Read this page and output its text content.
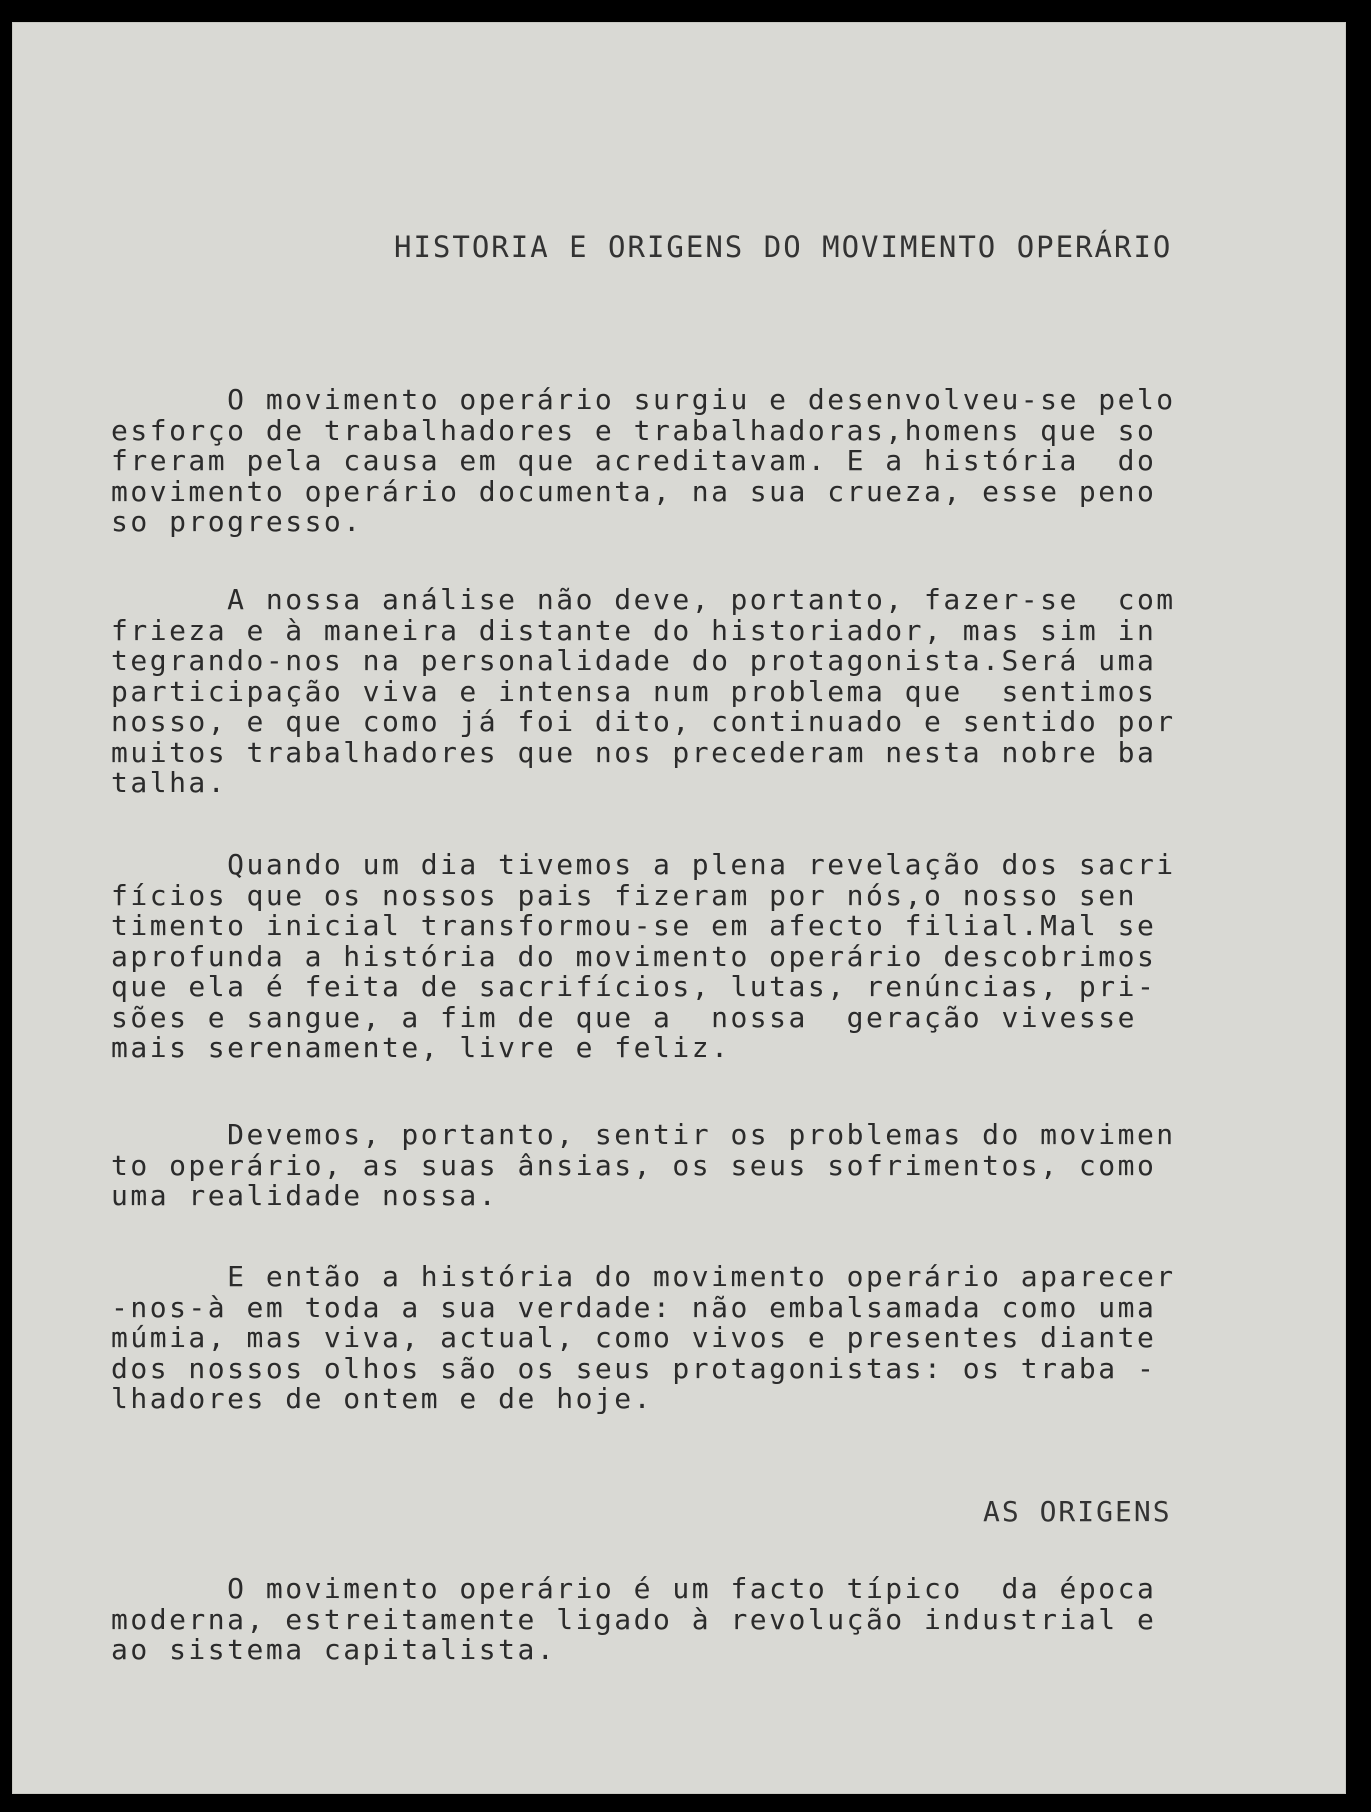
HISTORIA E ORIGENS DO MOVIMENTO OPERÁRIO
O movimento operário surgiu e desenvolveu-se pelo
esforço de trabalhadores e trabalhadoras,homens que so
freram pela causa em que acreditavam. E a história  do
movimento operário documenta, na sua crueza, esse peno
so progresso.
A nossa análise não deve, portanto, fazer-se  com
frieza e à maneira distante do historiador, mas sim in
tegrando-nos na personalidade do protagonista.Será uma
participação viva e intensa num problema que  sentimos
nosso, e que como já foi dito, continuado e sentido por
muitos trabalhadores que nos precederam nesta nobre ba
talha.
Quando um dia tivemos a plena revelação dos sacri
fícios que os nossos pais fizeram por nós,o nosso sen
timento inicial transformou-se em afecto filial.Mal se
aprofunda a história do movimento operário descobrimos
que ela é feita de sacrifícios, lutas, renúncias, pri-
sões e sangue, a fim de que a  nossa  geração vivesse
mais serenamente, livre e feliz.
Devemos, portanto, sentir os problemas do movimen
to operário, as suas ânsias, os seus sofrimentos, como
uma realidade nossa.
E então a história do movimento operário aparecer
-nos-à em toda a sua verdade: não embalsamada como uma
múmia, mas viva, actual, como vivos e presentes diante
dos nossos olhos são os seus protagonistas: os traba -
lhadores de ontem e de hoje.
AS ORIGENS
O movimento operário é um facto típico  da época
moderna, estreitamente ligado à revolução industrial e
ao sistema capitalista.
